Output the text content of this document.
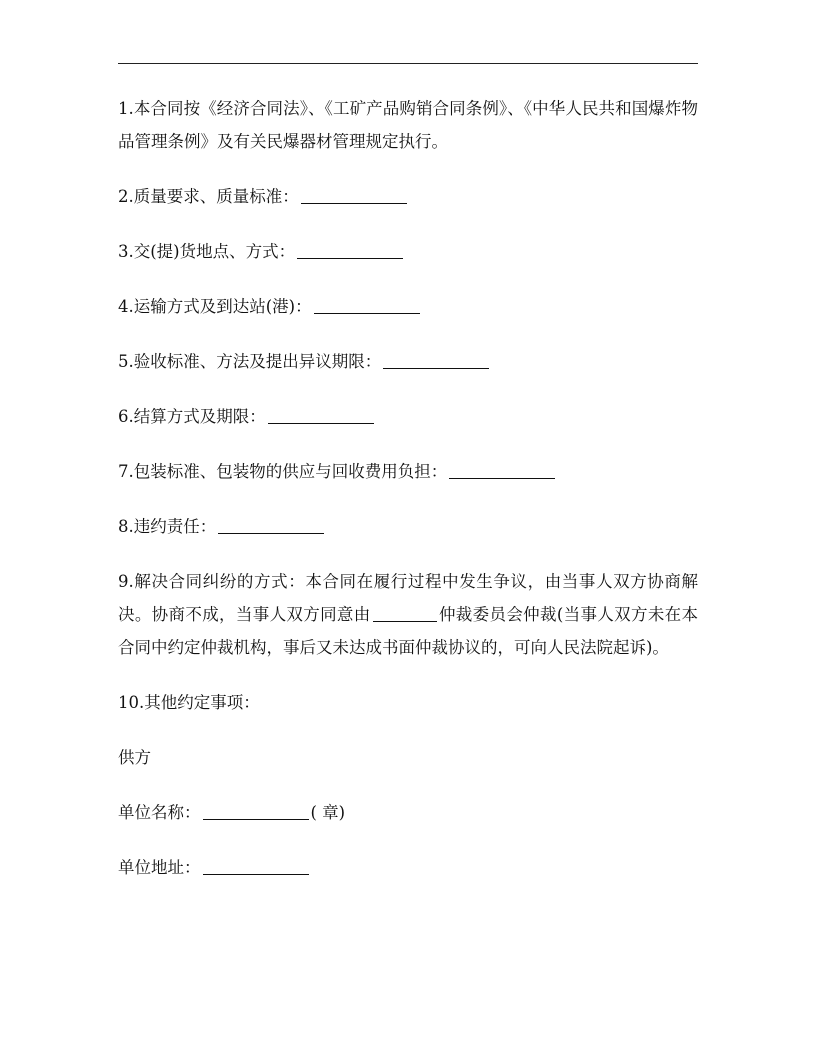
1.本合同按《经济合同法》、《工矿产品购销合同条例》、《中华人民共和国爆炸物品管理条例》及有关民爆器材管理规定执行。

2.质量要求、质量标准：

3.交(提)货地点、方式：

4.运输方式及到达站(港)：

5.验收标准、方法及提出异议期限：

6.结算方式及期限：

7.包装标准、包装物的供应与回收费用负担：

8.违约责任：

9.解决合同纠纷的方式：本合同在履行过程中发生争议，由当事人双方协商解决。协商不成，当事人双方同意由	仲裁委员会仲裁(当事人双方未在本合同中约定仲裁机构，事后又未达成书面仲裁协议的，可向人民法院起诉)。

10.其他约定事项：

供方

单位名称：	( 章)

单位地址：
